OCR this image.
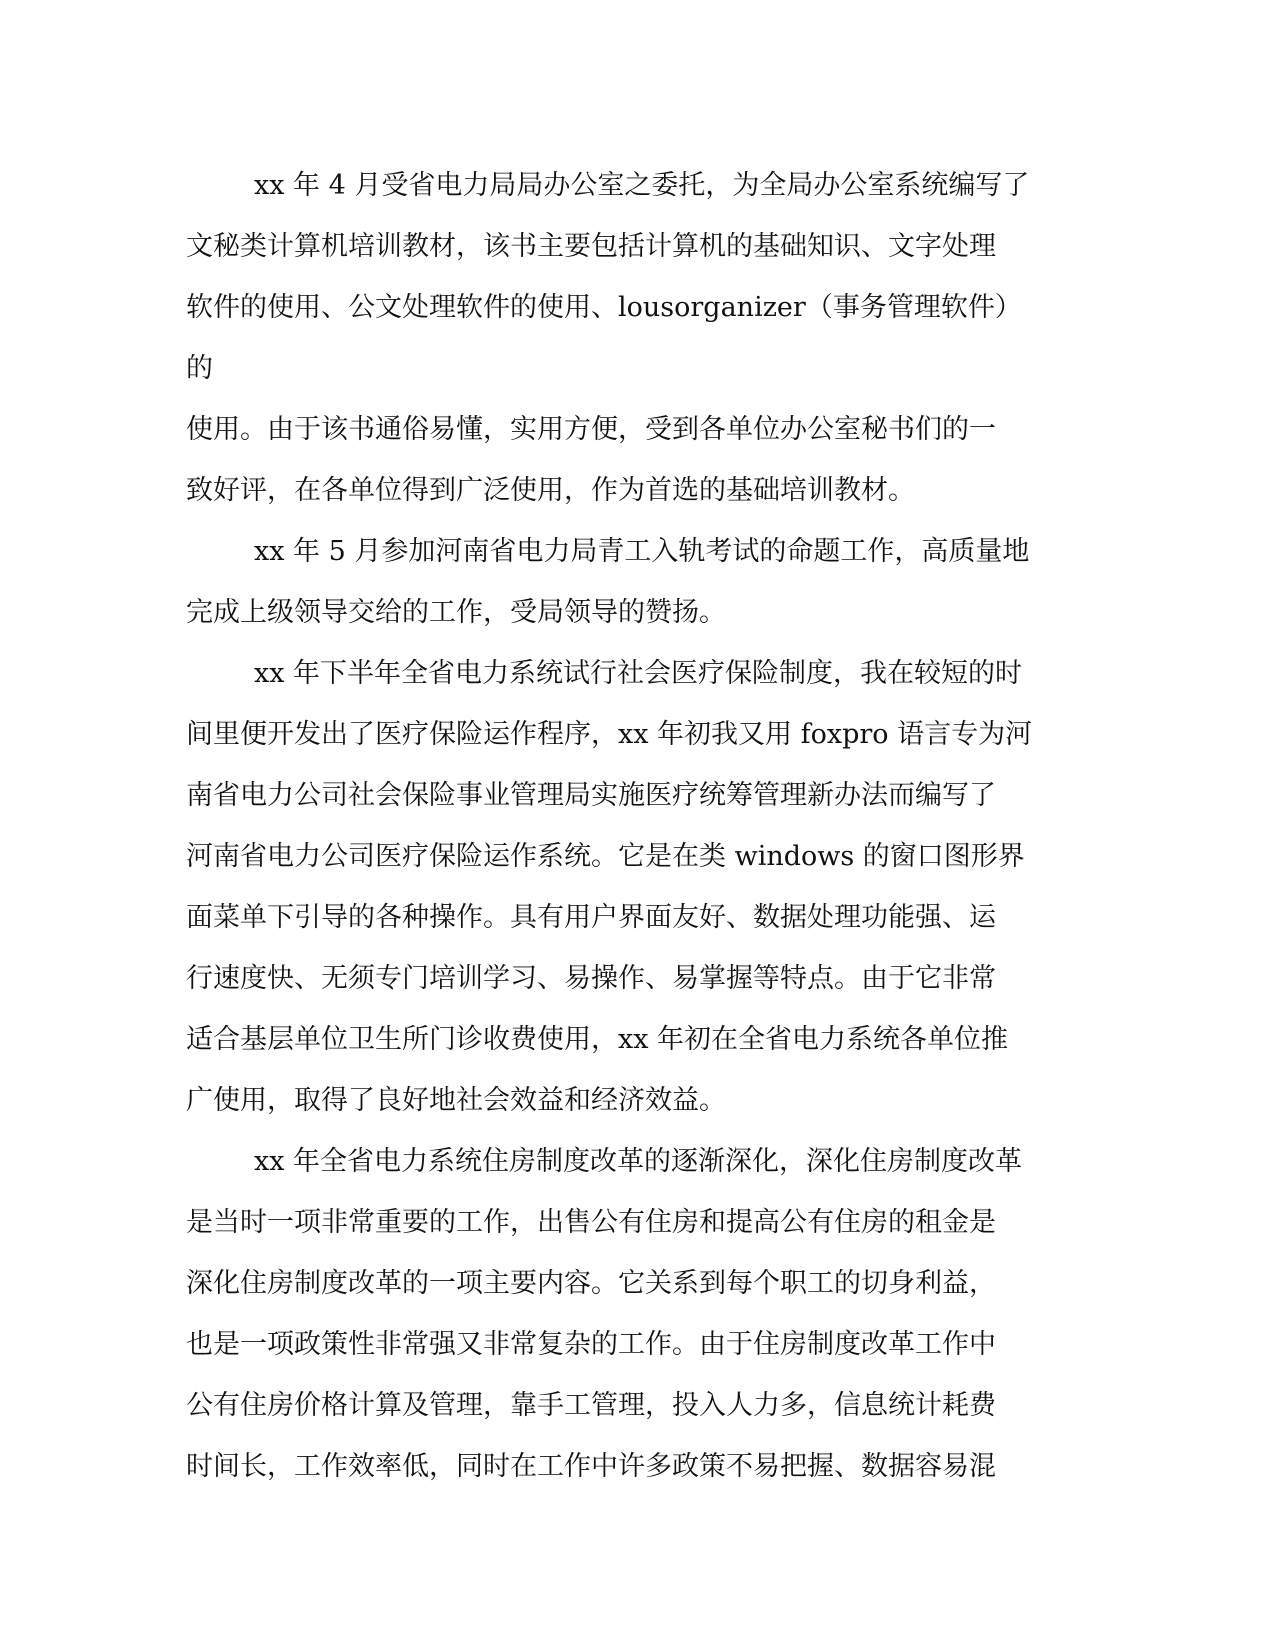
xx 年 4 月受省电力局局办公室之委托，为全局办公室系统编写了
文秘类计算机培训教材，该书主要包括计算机的基础知识、文字处理
软件的使用、公文处理软件的使用、lousorganizer（事务管理软件）的
使用。由于该书通俗易懂，实用方便，受到各单位办公室秘书们的一
致好评，在各单位得到广泛使用，作为首选的基础培训教材。

xx 年 5 月参加河南省电力局青工入轨考试的命题工作，高质量地
完成上级领导交给的工作，受局领导的赞扬。

xx 年下半年全省电力系统试行社会医疗保险制度，我在较短的时
间里便开发出了医疗保险运作程序，xx 年初我又用 foxpro 语言专为河
南省电力公司社会保险事业管理局实施医疗统筹管理新办法而编写了
河南省电力公司医疗保险运作系统。它是在类 windows 的窗口图形界
面菜单下引导的各种操作。具有用户界面友好、数据处理功能强、运
行速度快、无须专门培训学习、易操作、易掌握等特点。由于它非常
适合基层单位卫生所门诊收费使用，xx 年初在全省电力系统各单位推
广使用，取得了良好地社会效益和经济效益。

xx 年全省电力系统住房制度改革的逐渐深化，深化住房制度改革
是当时一项非常重要的工作，出售公有住房和提高公有住房的租金是
深化住房制度改革的一项主要内容。它关系到每个职工的切身利益，
也是一项政策性非常强又非常复杂的工作。由于住房制度改革工作中
公有住房价格计算及管理，靠手工管理，投入人力多，信息统计耗费
时间长，工作效率低，同时在工作中许多政策不易把握、数据容易混
